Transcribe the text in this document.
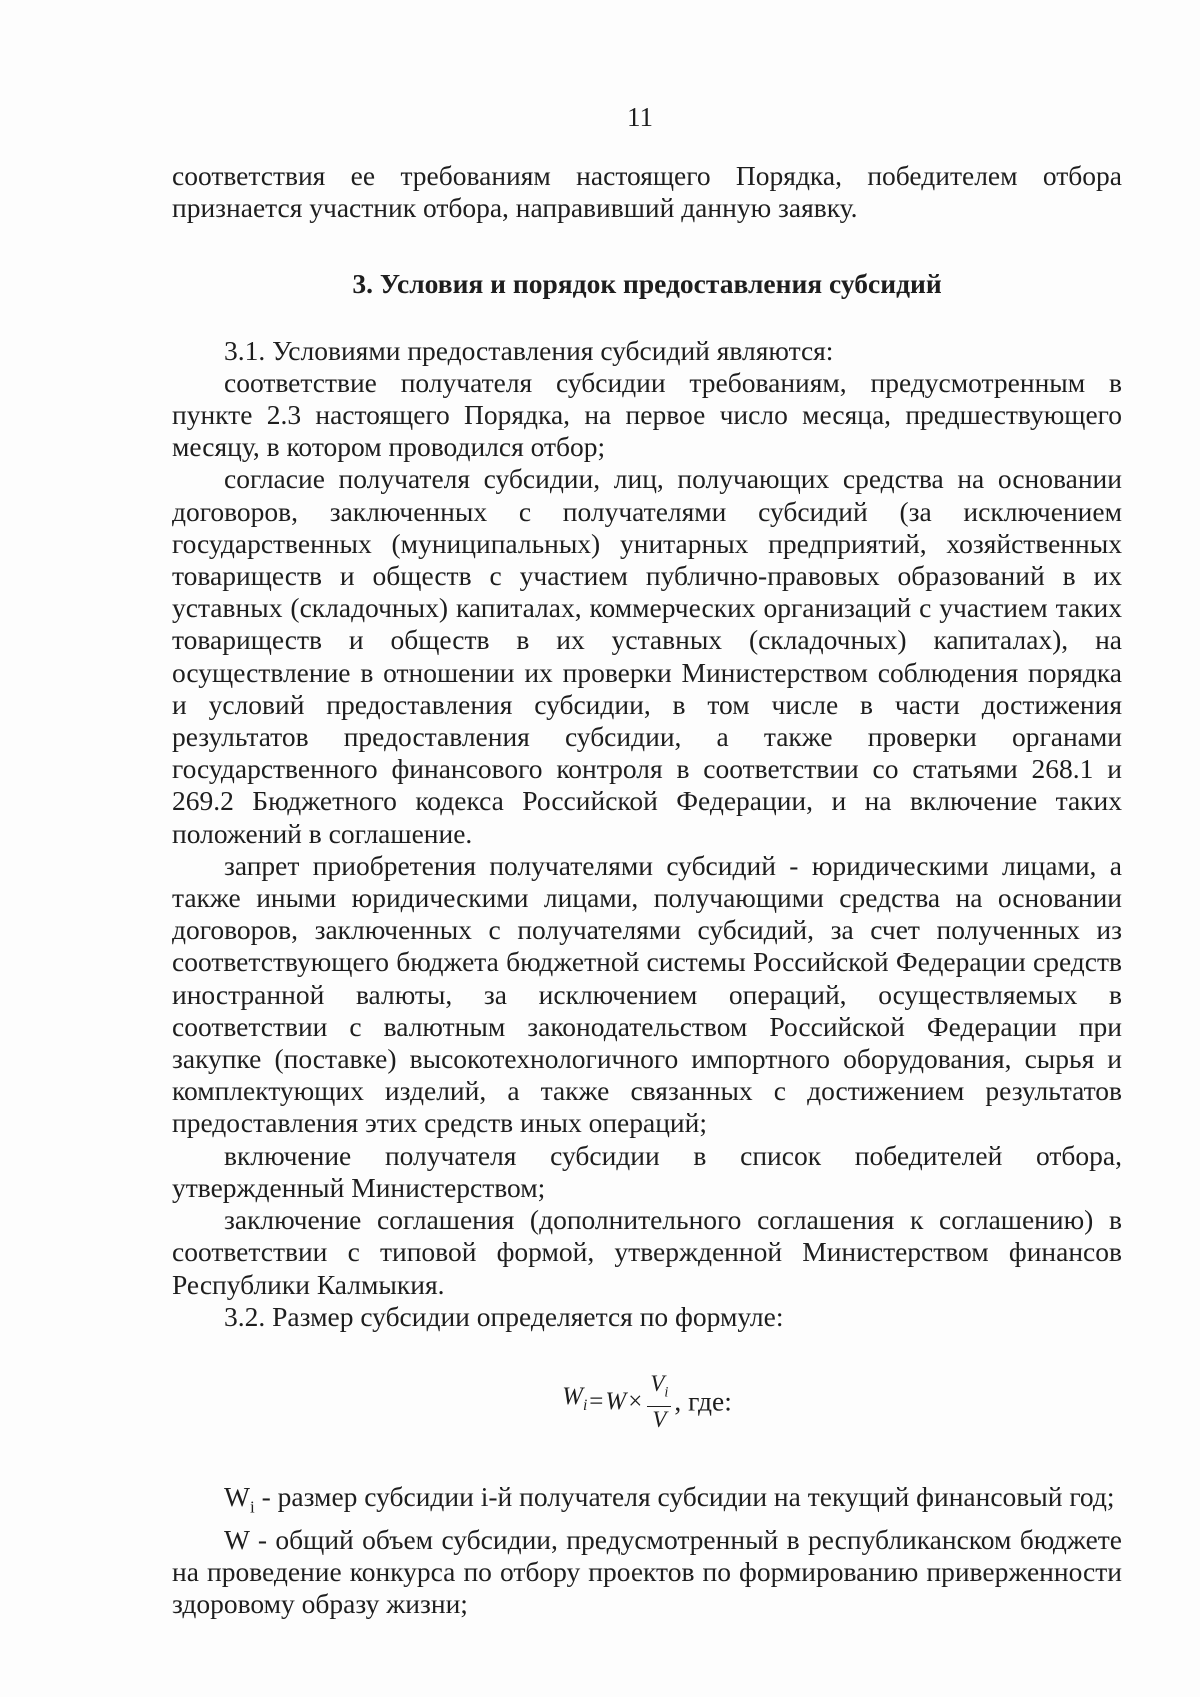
11

соответствия ее требованиям настоящего Порядка, победителем отбора признается участник отбора, направивший данную заявку.

3. Условия и порядок предоставления субсидий

3.1. Условиями предоставления субсидий являются:

соответствие получателя субсидии требованиям, предусмотренным в пункте 2.3 настоящего Порядка, на первое число месяца, предшествующего месяцу, в котором проводился отбор;

согласие получателя субсидии, лиц, получающих средства на основании договоров, заключенных с получателями субсидий (за исключением государственных (муниципальных) унитарных предприятий, хозяйственных товариществ и обществ с участием публично-правовых образований в их уставных (складочных) капиталах, коммерческих организаций с участием таких товариществ и обществ в их уставных (складочных) капиталах), на осуществление в отношении их проверки Министерством соблюдения порядка и условий предоставления субсидии, в том числе в части достижения результатов предоставления субсидии, а также проверки органами государственного финансового контроля в соответствии со статьями 268.1 и 269.2 Бюджетного кодекса Российской Федерации, и на включение таких положений в соглашение.

запрет приобретения получателями субсидий - юридическими лицами, а также иными юридическими лицами, получающими средства на основании договоров, заключенных с получателями субсидий, за счет полученных из соответствующего бюджета бюджетной системы Российской Федерации средств иностранной валюты, за исключением операций, осуществляемых в соответствии с валютным законодательством Российской Федерации при закупке (поставке) высокотехнологичного импортного оборудования, сырья и комплектующих изделий, а также связанных с достижением результатов предоставления этих средств иных операций;

включение получателя субсидии в список победителей отбора, утвержденный Министерством;

заключение соглашения (дополнительного соглашения к соглашению) в соответствии с типовой формой, утвержденной Министерством финансов Республики Калмыкия.

3.2. Размер субсидии определяется по формуле:

$W_i = W \times \frac{V_i}{V}$ , где:

$W_i$ - размер субсидии i-й получателя субсидии на текущий финансовый год;

W - общий объем субсидии, предусмотренный в республиканском бюджете на проведение конкурса по отбору проектов по формированию приверженности здоровому образу жизни;
